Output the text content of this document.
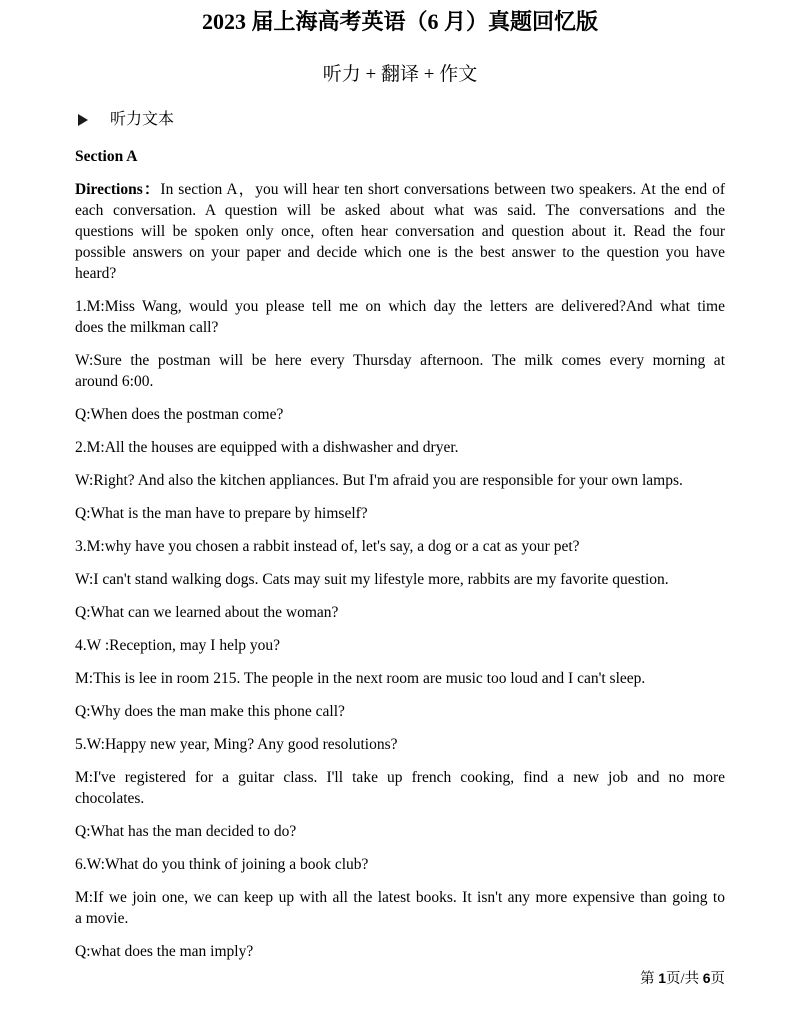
2023 届上海高考英语（6 月）真题回忆版
听力 + 翻译 + 作文
听力文本

Section A

Directions：In section A，you will hear ten short conversations between two speakers. At the end of
each conversation. A question will be asked about what was said. The conversations and the
questions will be spoken only once, often hear conversation and question about it. Read the four
possible answers on your paper and decide which one is the best answer to the question you have
heard?
1.M:Miss Wang, would you please tell me on which day the letters are delivered?And what time
does the milkman call?
W:Sure the postman will be here every Thursday afternoon. The milk comes every morning at
around 6:00.
Q:When does the postman come?
2.M:All the houses are equipped with a dishwasher and dryer.
W:Right? And also the kitchen appliances. But I'm afraid you are responsible for your own lamps.
Q:What is the man have to prepare by himself?
3.M:why have you chosen a rabbit instead of, let's say, a dog or a cat as your pet?
W:I can't stand walking dogs. Cats may suit my lifestyle more, rabbits are my favorite question.
Q:What can we learned about the woman?
4.W :Reception, may I help you?
M:This is lee in room 215. The people in the next room are music too loud and I can't sleep.
Q:Why does the man make this phone call?
5.W:Happy new year, Ming? Any good resolutions?
M:I've registered for a guitar class. I'll take up french cooking, find a new job and no more
chocolates.
Q:What has the man decided to do?
6.W:What do you think of joining a book club?
M:If we join one, we can keep up with all the latest books. It isn't any more expensive than going to
a movie.
Q:what does the man imply?
第 1页/共 6页
